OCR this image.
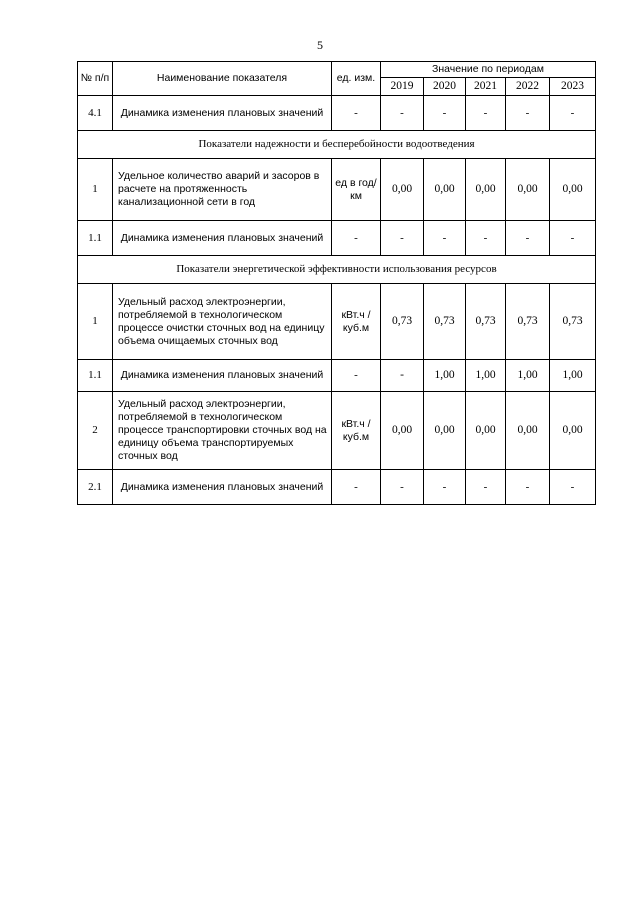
5
№ п/п	Наименование показателя	ед. изм.	Значение по периодам				
			2019	2020	2021	2022	2023
4.1	Динамика изменения плановых значений	-	-	-	-	-	-
Показатели надежности и бесперебойности водоотведения							
1	Удельное количество аварий и засоров в расчете на протяженность канализационной сети в год	ед в год/ км	0,00	0,00	0,00	0,00	0,00
1.1	Динамика изменения плановых значений	-	-	-	-	-	-
Показатели энергетической эффективности использования ресурсов							
1	Удельный расход электроэнергии, потребляемой в технологическом процессе очистки сточных вод на единицу объема очищаемых сточных вод	кВт.ч / куб.м	0,73	0,73	0,73	0,73	0,73
1.1	Динамика изменения плановых значений	-	-	1,00	1,00	1,00	1,00
2	Удельный расход электроэнергии, потребляемой в технологическом процессе транспортировки сточных вод на единицу объема транспортируемых сточных вод	кВт.ч / куб.м	0,00	0,00	0,00	0,00	0,00
2.1	Динамика изменения плановых значений	-	-	-	-	-	-
